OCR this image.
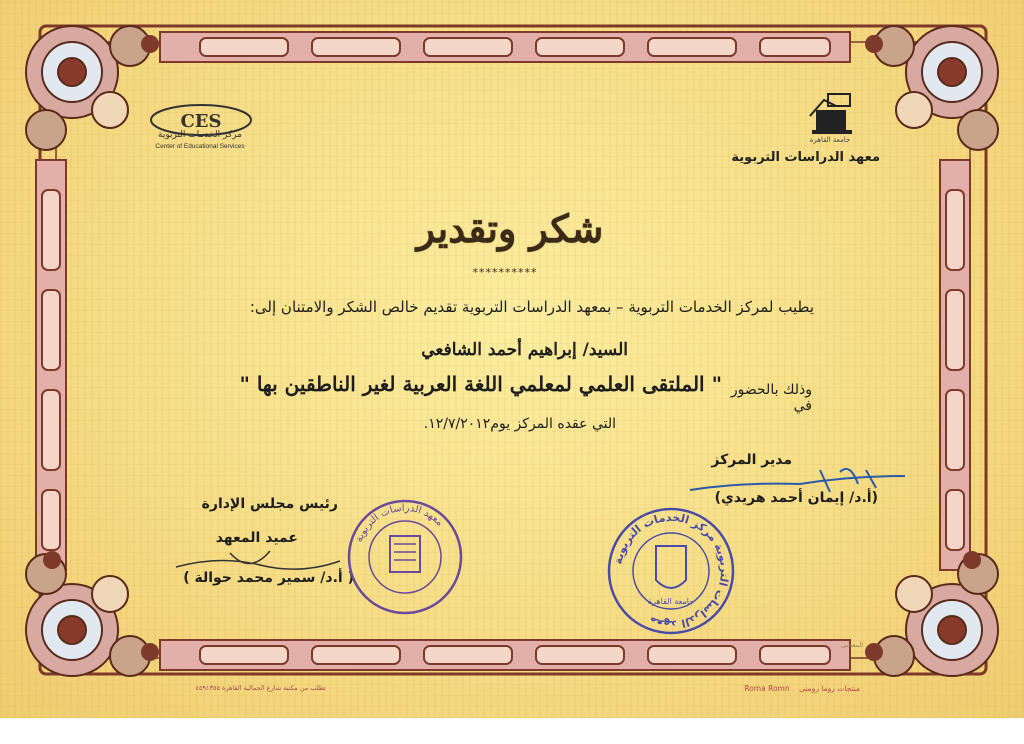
CES
مركز الخدمات التربوية
Center of Educational Services
جامعة القاهرة
معهد الدراسات التربوية
شكر وتقدير
**********
يطيب لمركز الخدمات التربوية – بمعهد الدراسات التربوية تقديم خالص الشكر والامتنان إلى:
السيد/ إبراهيم أحمد الشافعي
وذلك بالحضور في
" الملتقى العلمي لمعلمي اللغة العربية لغير الناطقين بها "
التي عقده المركز يوم١٢/٧/٢٠١٢.
مدير المركز
(أ.د/ إيمان أحمد هريدي)
رئيس مجلس الإدارة
عميد المعهد
( أ.د/ سمير محمد حوالة )
معهد الدراسات التربوية
معهد الدراسات التربوية مركز الخدمات التربوية
جامعة القاهرة
المعجنى
تطلب من مكتبة شارع الجمالية القاهرة ٤٥٩١٣٥٥	Roma Romn منتجات روما رومنى
